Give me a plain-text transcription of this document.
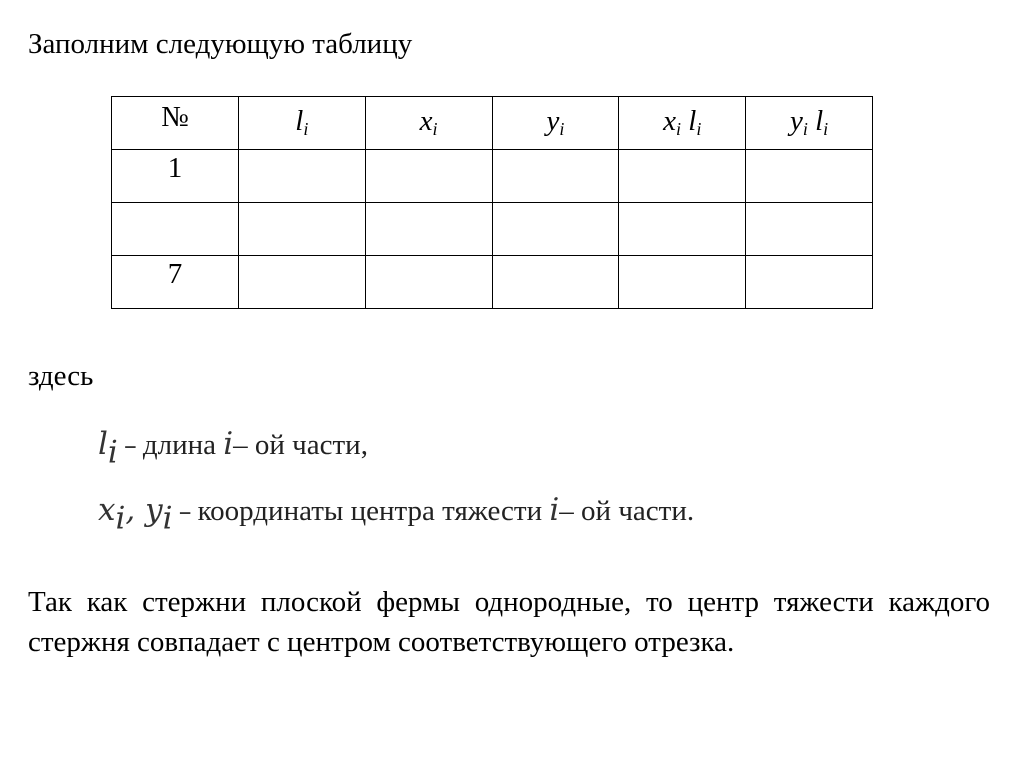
Заполним следующую таблицу

№	$l_i$	$x_i$	$y_i$	$x_i$ $l_i$	$y_i$ $l_i$
1					

7					

здесь

$l_i$ – длина i– ой части,
$x_i$, $y_i$ – координаты центра тяжести i– ой части.

Так как стержни плоской фермы однородные, то центр тяжести каждого стержня совпадает с центром соответствующего отрезка.
